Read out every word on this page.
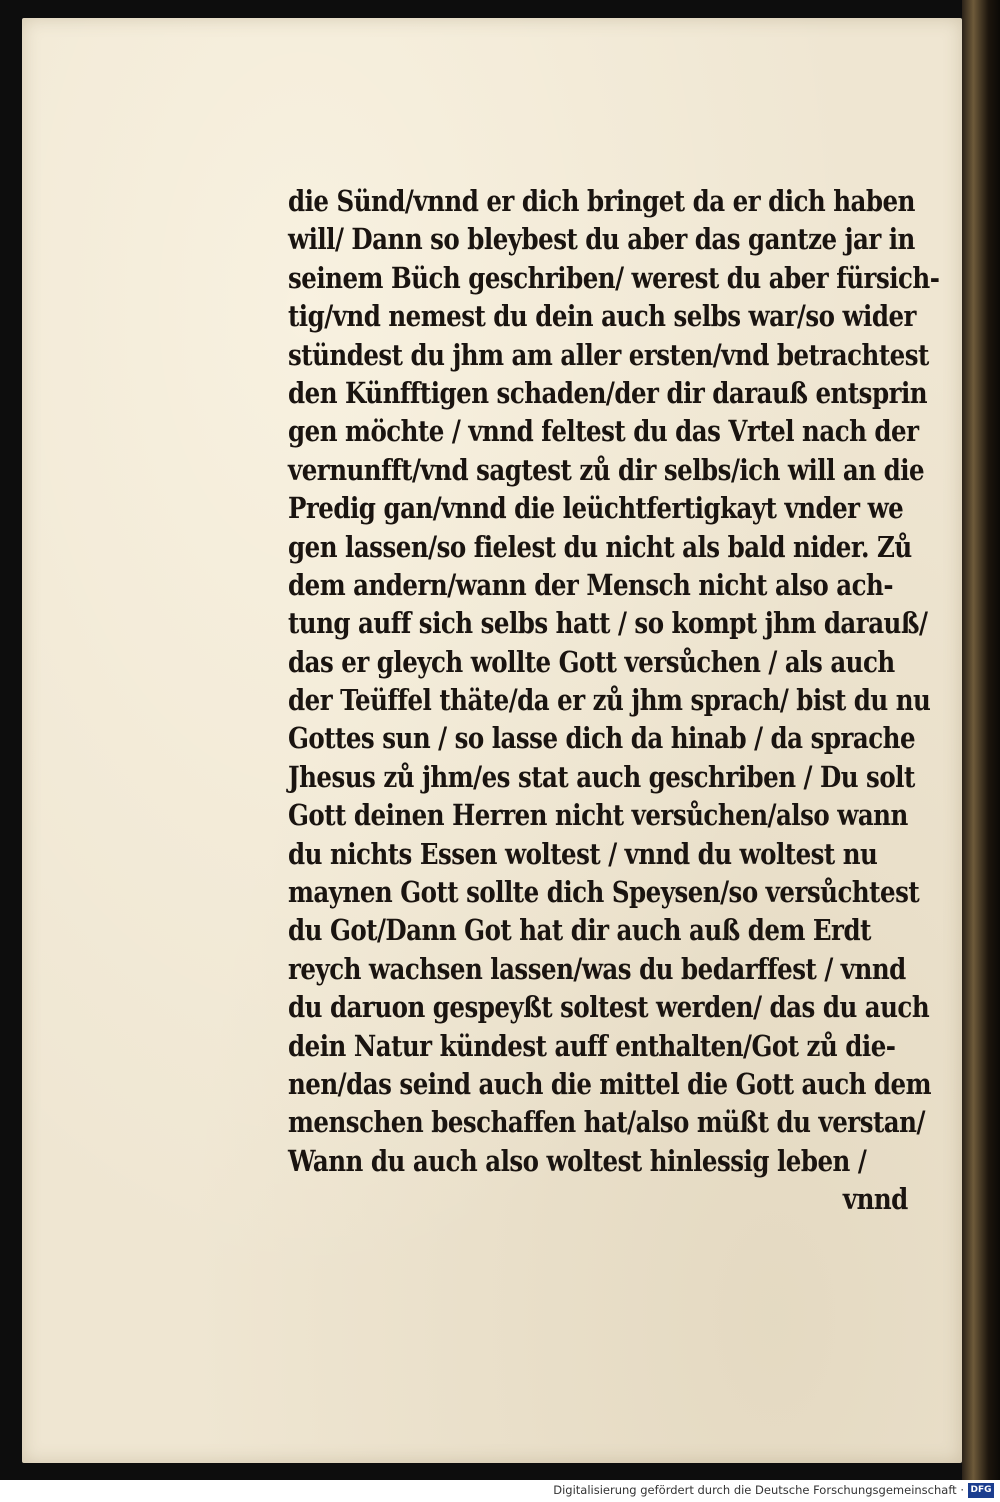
die Sünd/vnnd er dich bringet da er dich haben
will/ Dann so bleybest du aber das gantze jar in
seinem Büch geschriben/ werest du aber fürsich-
tig/vnd nemest du dein auch selbs war/so wider
stündest du jhm am aller ersten/vnd betrachtest
den Künfftigen schaden/der dir darauß entsprin
gen möchte / vnnd feltest du das Vrtel nach der
vernunfft/vnd sagtest zů dir selbs/ich will an die
Predig gan/vnnd die leüchtfertigkayt vnder we
gen lassen/so fielest du nicht als bald nider. Zů
dem andern/wann der Mensch nicht also ach-
tung auff sich selbs hatt / so kompt jhm darauß/
das er gleych wollte Gott versůchen / als auch
der Teüffel thäte/da er zů jhm sprach/ bist du nu
Gottes sun / so lasse dich da hinab / da sprache
Jhesus zů jhm/es stat auch geschriben / Du solt
Gott deinen Herren nicht versůchen/also wann
du nichts Essen woltest / vnnd du woltest nu
maynen Gott sollte dich Speysen/so versůchtest
du Got/Dann Got hat dir auch auß dem Erdt
reych wachsen lassen/was du bedarffest / vnnd
du daruon gespeyßt soltest werden/ das du auch
dein Natur kündest auff enthalten/Got zů die-
nen/das seind auch die mittel die Gott auch dem
menschen beschaffen hat/also müßt du verstan/
Wann du auch also woltest hinlessig leben /
vnnd
Digitalisierung gefördert durch die Deutsche Forschungsgemeinschaft · DFG
